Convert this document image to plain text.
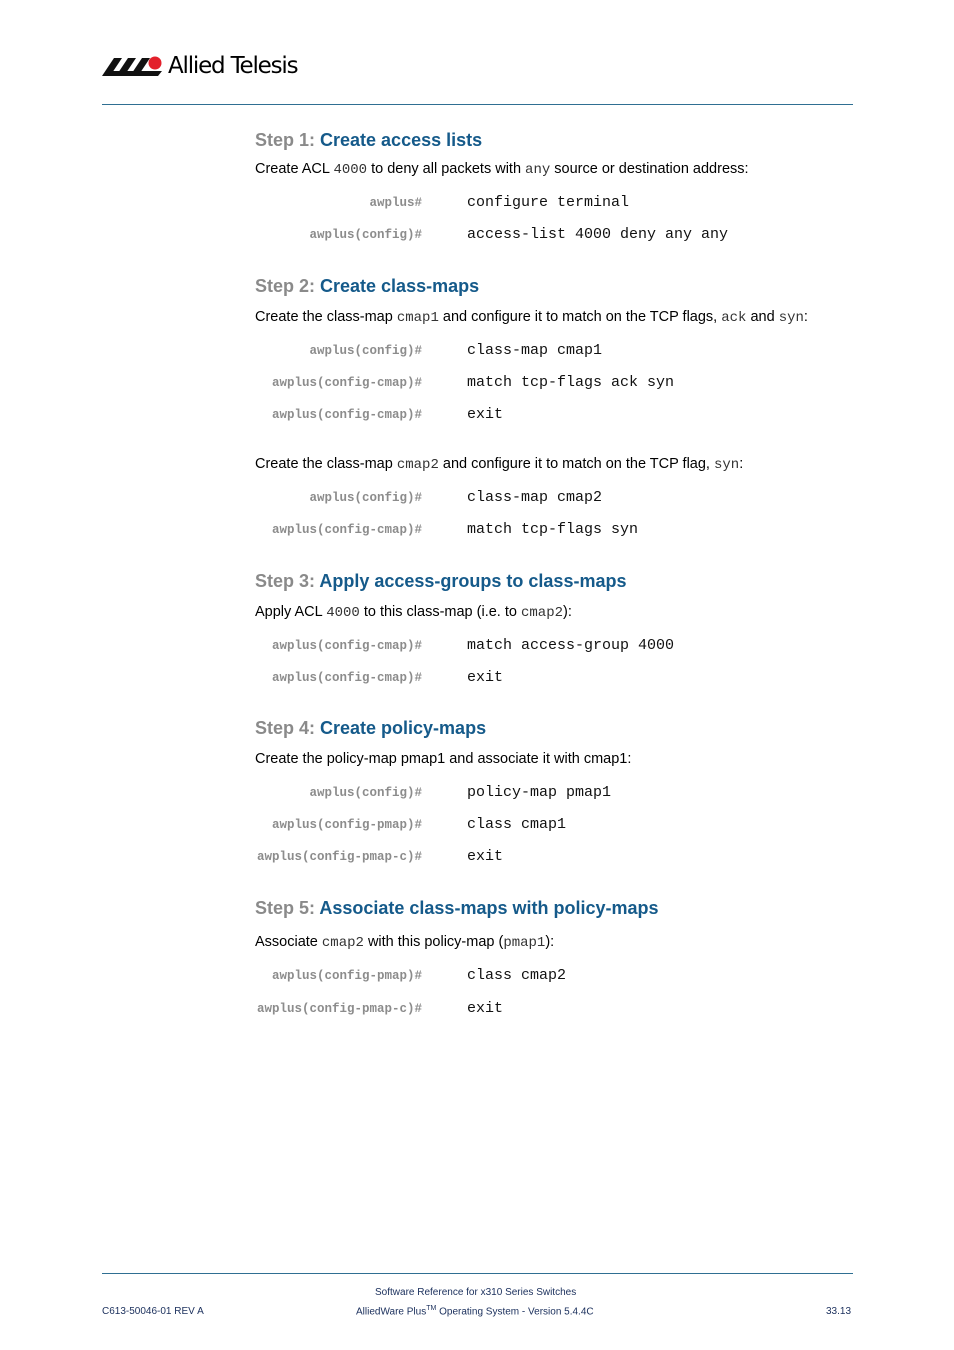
Allied Telesis
Step 1: Create access lists
Create ACL 4000 to deny all packets with any source or destination address:
awplus#	configure terminal
awplus(config)#	access-list 4000 deny any any
Step 2: Create class-maps
Create the class-map cmap1 and configure it to match on the TCP flags, ack and syn:
awplus(config)#	class-map cmap1
awplus(config-cmap)#	match tcp-flags ack syn
awplus(config-cmap)#	exit
Create the class-map cmap2 and configure it to match on the TCP flag, syn:
awplus(config)#	class-map cmap2
awplus(config-cmap)#	match tcp-flags syn
Step 3: Apply access-groups to class-maps
Apply ACL 4000 to this class-map (i.e. to cmap2):
awplus(config-cmap)#	match access-group 4000
awplus(config-cmap)#	exit
Step 4: Create policy-maps
Create the policy-map pmap1 and associate it with cmap1:
awplus(config)#	policy-map pmap1
awplus(config-pmap)#	class cmap1
awplus(config-pmap-c)#	exit
Step 5: Associate class-maps with policy-maps
Associate cmap2 with this policy-map (pmap1):
awplus(config-pmap)#	class cmap2
awplus(config-pmap-c)#	exit
Software Reference for x310 Series Switches
C613-50046-01 REV A	AlliedWare Plus™ Operating System - Version 5.4.4C	33.13
